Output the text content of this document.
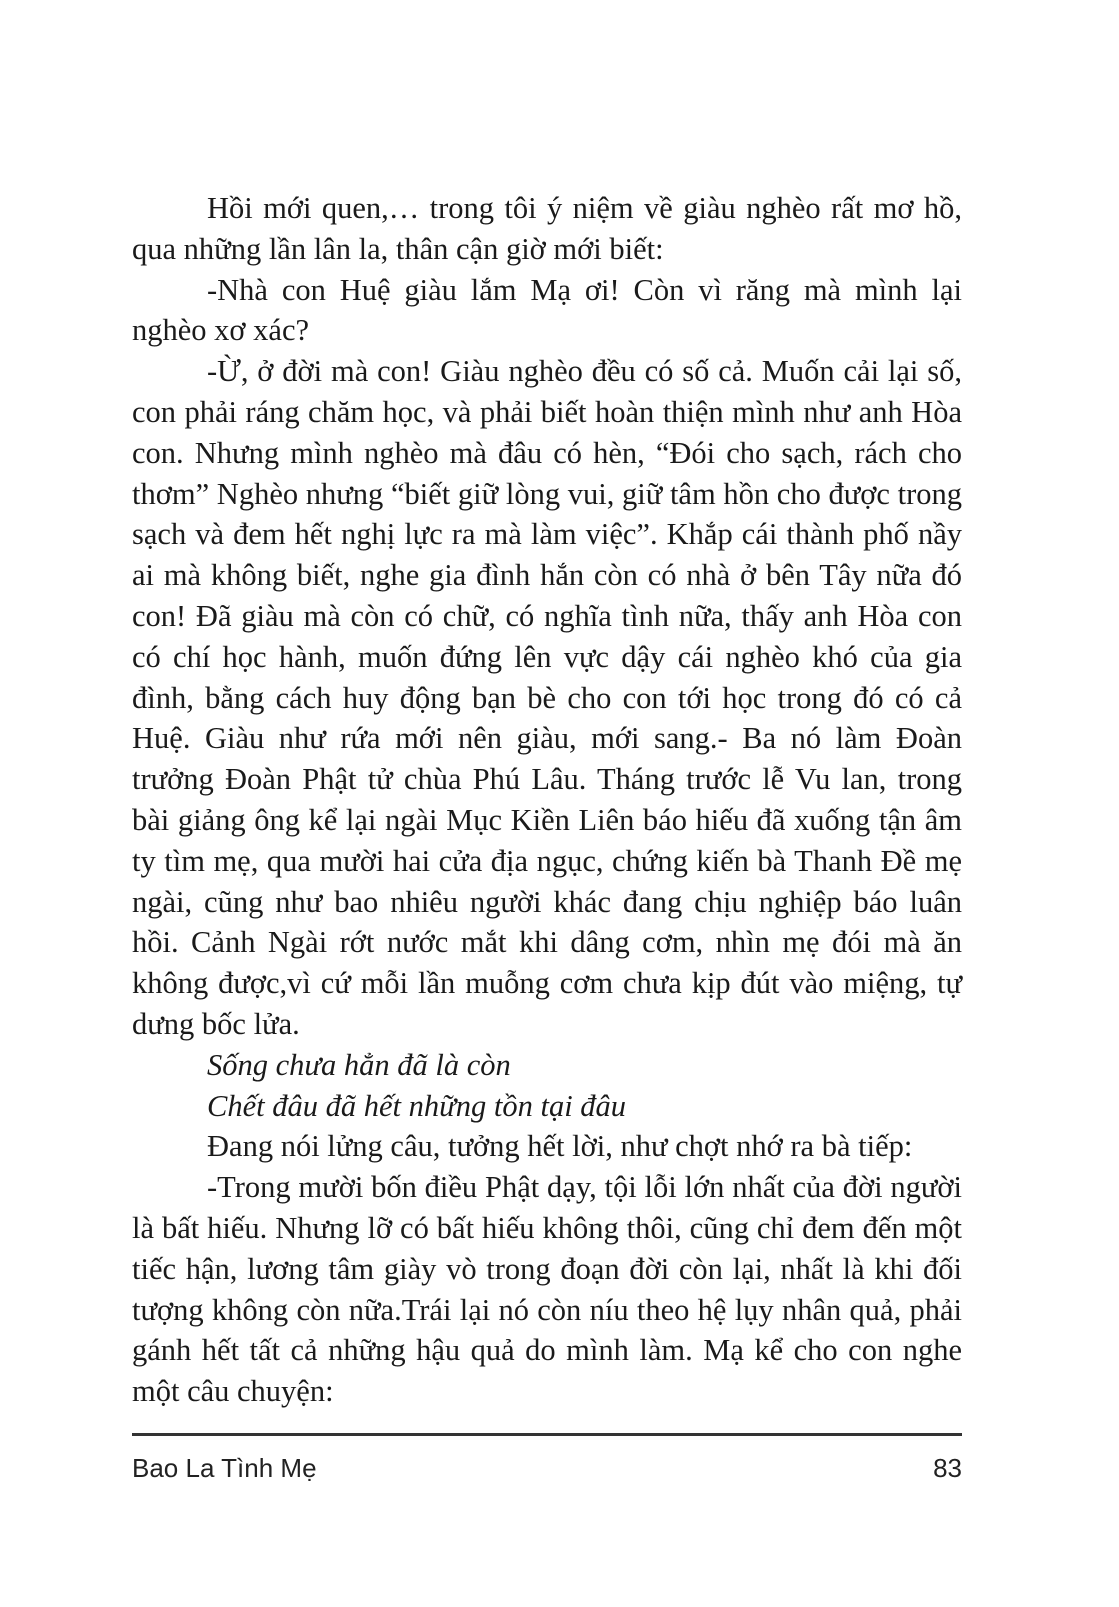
Hồi mới quen,… trong tôi ý niệm về giàu nghèo rất mơ hồ, qua những lần lân la, thân cận giờ mới biết:

-Nhà con Huệ giàu lắm Mạ ơi! Còn vì răng mà mình lại nghèo xơ xác?

-Ừ, ở đời mà con! Giàu nghèo đều có số cả. Muốn cải lại số, con phải ráng chăm học, và phải biết hoàn thiện mình như anh Hòa con. Nhưng mình nghèo mà đâu có hèn, “Đói cho sạch, rách cho thơm” Nghèo nhưng “biết giữ lòng vui, giữ tâm hồn cho được trong sạch và đem hết nghị lực ra mà làm việc”. Khắp cái thành phố nầy ai mà không biết, nghe gia đình hắn còn có nhà ở bên Tây nữa đó con! Đã giàu mà còn có chữ, có nghĩa tình nữa, thấy anh Hòa con có chí học hành, muốn đứng lên vực dậy cái nghèo khó của gia đình, bằng cách huy động bạn bè cho con tới học trong đó có cả Huệ. Giàu như rứa mới nên giàu, mới sang.- Ba nó làm Đoàn trưởng Đoàn Phật tử chùa Phú Lâu. Tháng trước lễ Vu lan, trong bài giảng ông kể lại ngài Mục Kiền Liên báo hiếu đã xuống tận âm ty tìm mẹ, qua mười hai cửa địa ngục, chứng kiến bà Thanh Đề mẹ ngài, cũng như bao nhiêu người khác đang chịu nghiệp báo luân hồi. Cảnh Ngài rớt nước mắt khi dâng cơm, nhìn mẹ đói mà ăn không được,vì cứ mỗi lần muỗng cơm chưa kịp đút vào miệng, tự dưng bốc lửa.

Sống chưa hẳn đã là còn

Chết đâu đã hết những tồn tại đâu

Đang nói lửng câu, tưởng hết lời, như chợt nhớ ra bà tiếp:

-Trong mười bốn điều Phật dạy, tội lỗi lớn nhất của đời người là bất hiếu. Nhưng lỡ có bất hiếu không thôi, cũng chỉ đem đến một tiếc hận, lương tâm giày vò trong đoạn đời còn lại, nhất là khi đối tượng không còn nữa.Trái lại nó còn níu theo hệ lụy nhân quả, phải gánh hết tất cả những hậu quả do mình làm. Mạ kể cho con nghe một câu chuyện:

Bao La Tình Mẹ	83
